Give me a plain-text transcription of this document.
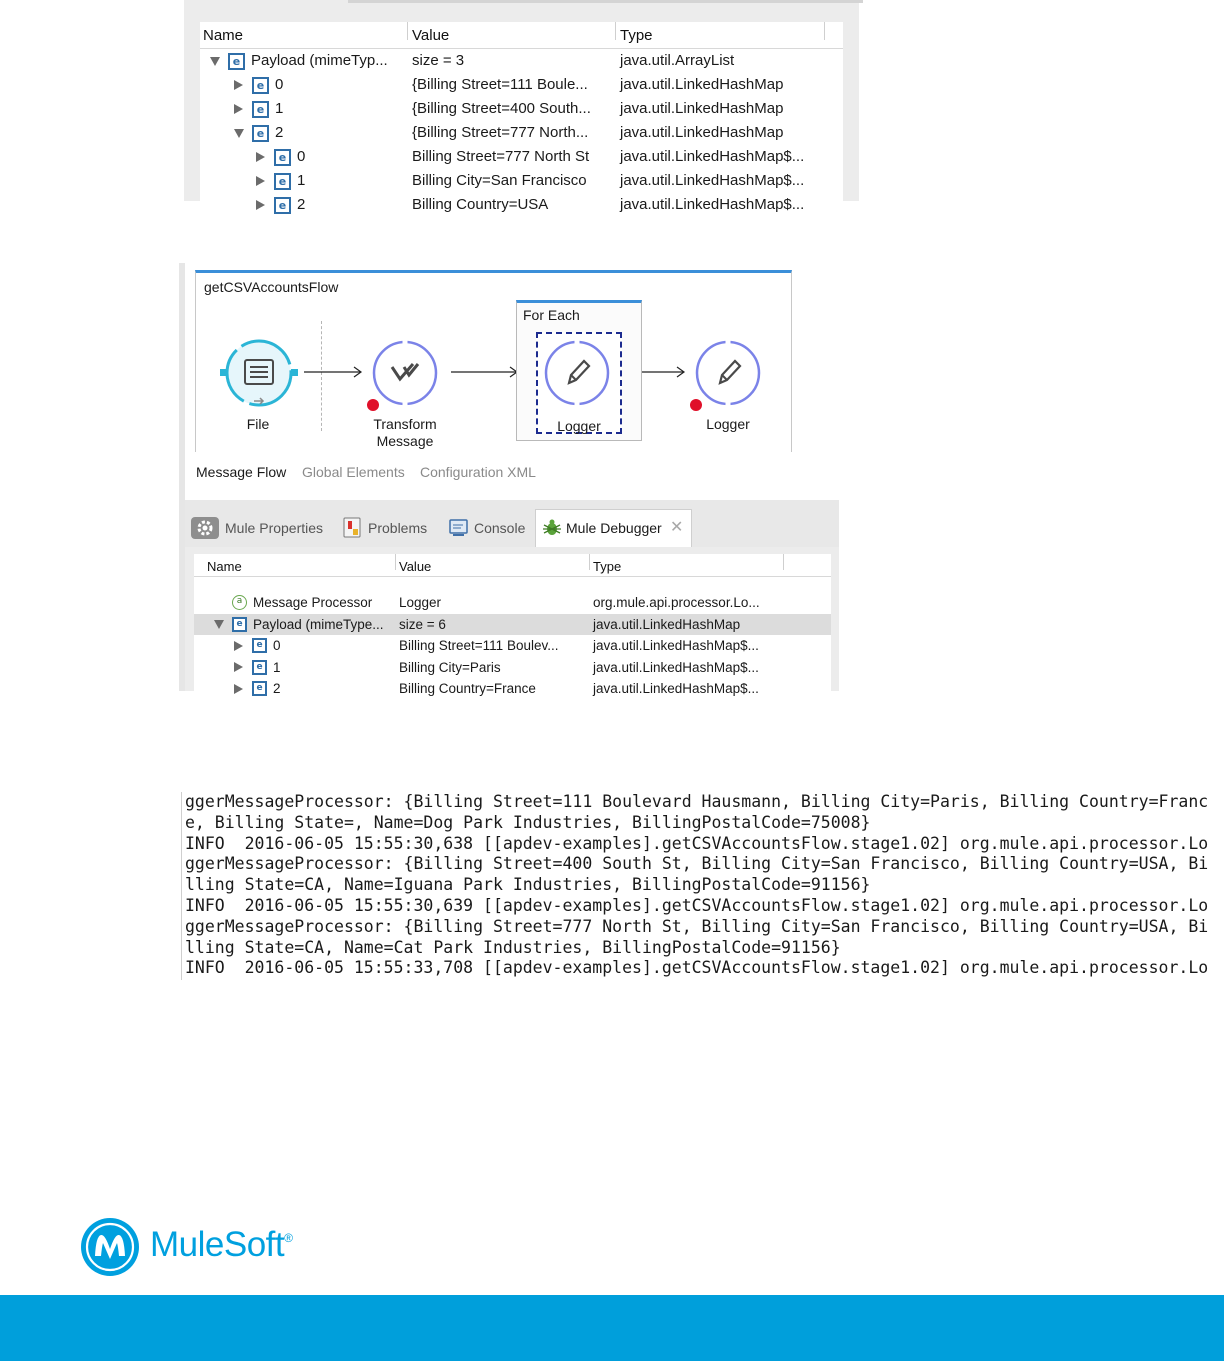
Name	Value	Type
e Payload (mimeTyp... size = 3	java.util.ArrayList
e 0	{Billing Street=111 Boule... java.util.LinkedHashMap
e 1	{Billing Street=400 South... java.util.LinkedHashMap
e 2	{Billing Street=777 North... java.util.LinkedHashMap
e 0	Billing Street=777 North St java.util.LinkedHashMap$...
e 1	Billing City=San Francisco java.util.LinkedHashMap$...
e 2	Billing Country=USA	java.util.LinkedHashMap$...
getCSVAccountsFlow
File	Transform
Message
For Each
Logger	Logger
Message Flow Global Elements Configuration XML
Mule Properties	Problems	Console	Mule Debugger ✕
Name	Value	Type
a Message Processor Logger	org.mule.api.processor.Lo...
e Payload (mimeType... size = 6	java.util.LinkedHashMap
e 0	Billing Street=111 Boulev...	java.util.LinkedHashMap$...
e 1	Billing City=Paris	java.util.LinkedHashMap$...
e 2	Billing Country=France	java.util.LinkedHashMap$...
ggerMessageProcessor: {Billing Street=111 Boulevard Hausmann, Billing City=Paris, Billing Country=Franc
e, Billing State=, Name=Dog Park Industries, BillingPostalCode=75008}
INFO  2016-06-05 15:55:30,638 [[apdev-examples].getCSVAccountsFlow.stage1.02] org.mule.api.processor.Lo
ggerMessageProcessor: {Billing Street=400 South St, Billing City=San Francisco, Billing Country=USA, Bi
lling State=CA, Name=Iguana Park Industries, BillingPostalCode=91156}
INFO  2016-06-05 15:55:30,639 [[apdev-examples].getCSVAccountsFlow.stage1.02] org.mule.api.processor.Lo
ggerMessageProcessor: {Billing Street=777 North St, Billing City=San Francisco, Billing Country=USA, Bi
lling State=CA, Name=Cat Park Industries, BillingPostalCode=91156}
INFO  2016-06-05 15:55:33,708 [[apdev-examples].getCSVAccountsFlow.stage1.02] org.mule.api.processor.Lo
MuleSoft®
